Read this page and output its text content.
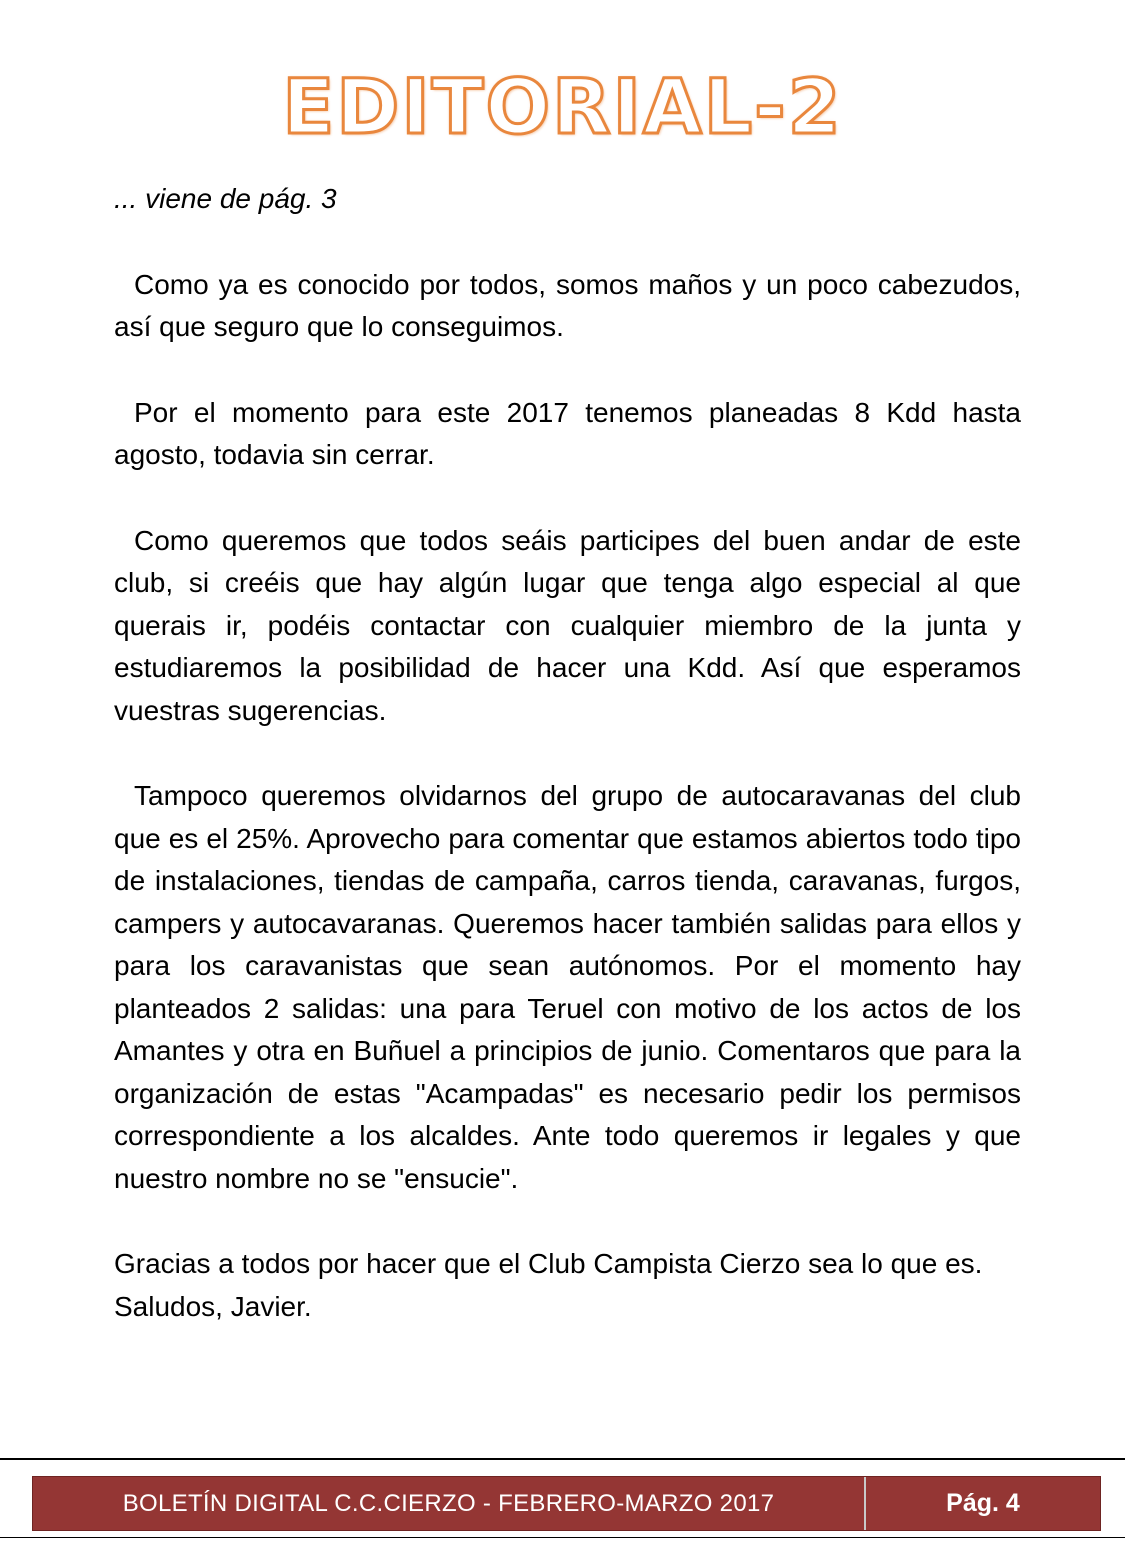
EDITORIAL-2

... viene de pág. 3

Como ya es conocido por todos, somos maños y un poco cabezudos, así que seguro que lo conseguimos.

Por el momento para este 2017 tenemos planeadas 8 Kdd hasta agosto, todavia sin cerrar.

Como queremos que todos seáis participes del buen andar de este club, si creéis que hay algún lugar que tenga algo especial al que querais ir, podéis contactar con cualquier miembro de la junta y estudiaremos la posibilidad de hacer una Kdd. Así que esperamos vuestras sugerencias.

Tampoco queremos olvidarnos del grupo de autocaravanas del club que es el 25%. Aprovecho para comentar que estamos abiertos todo tipo de instalaciones, tiendas de campaña, carros tienda, caravanas, furgos, campers y autocavaranas. Queremos hacer también salidas para ellos y para los caravanistas que sean autónomos. Por el momento hay planteados 2 salidas: una para Teruel con motivo de los actos de los Amantes y otra en Buñuel a principios de junio. Comentaros que para la organización de estas "Acampadas" es necesario pedir los permisos correspondiente a los alcaldes. Ante todo queremos ir legales y que nuestro nombre no se "ensucie".

Gracias a todos por hacer que el Club Campista Cierzo sea lo que es.

Saludos, Javier.

BOLETÍN DIGITAL C.C.CIERZO - FEBRERO-MARZO 2017	Pág. 4
